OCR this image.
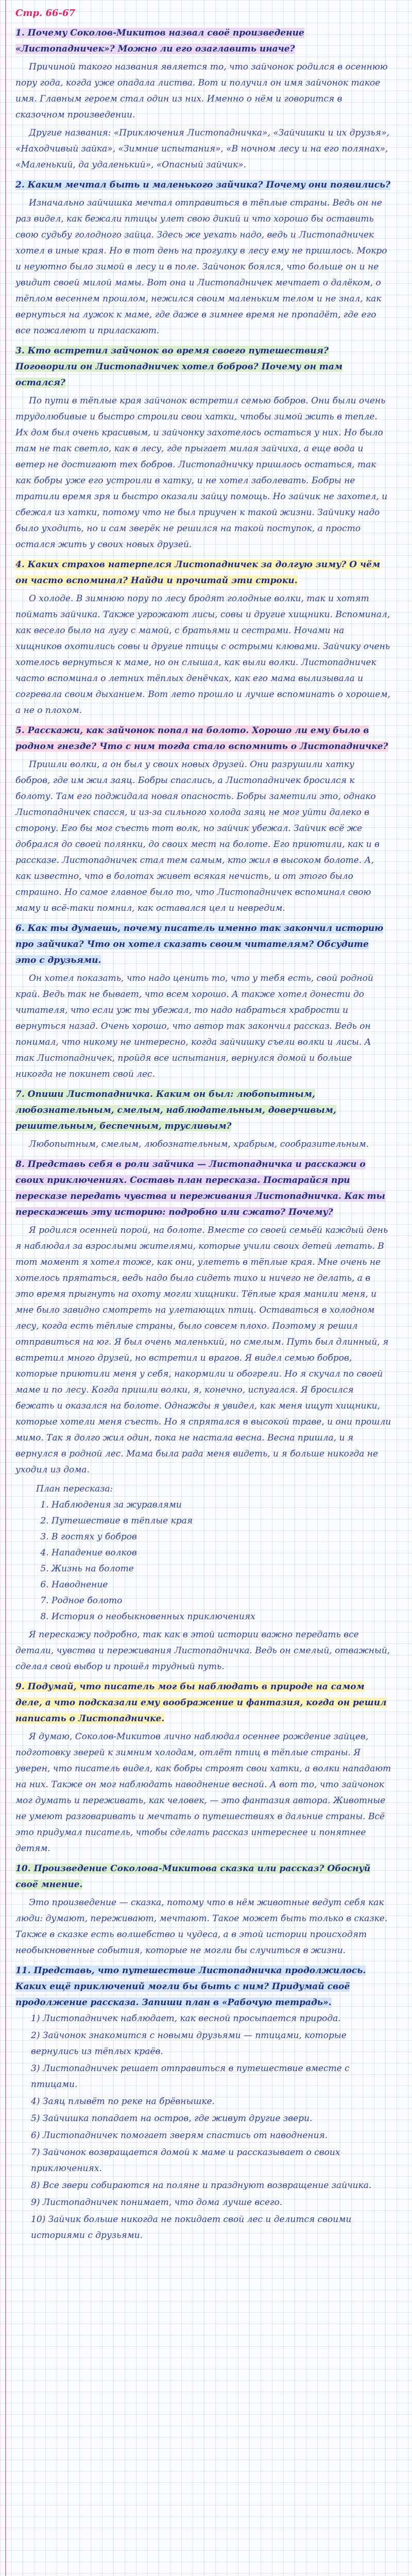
Стр. 66-67
1. Почему Соколов-Микитов назвал своё произведение «Листопадничек»? Можно ли его озаглавить иначе?

Причиной такого названия является то, что зайчонок родился в осеннюю пору года, когда уже опадала листва. Вот и получил он имя зайчонок такое имя. Главным героем стал один из них. Именно о нём и говорится в сказочном произведении.

Другие названия: «Приключения Листопадничка», «Зайчишки и их друзья», «Находчивый зайка», «Зимние испытания», «В ночном лесу и на его полянах», «Маленький, да удаленький», «Опасный зайчик».

2. Каким мечтал быть и маленького зайчика? Почему они появились?

Изначально зайчишка мечтал отправиться в тёплые страны. Ведь он не раз видел, как бежали птицы улет свою дикий и что хорошо бы оставить свою судьбу голодного зайца. Здесь же уехать надо, ведь и Листопадничек хотел в иные края. Но в тот день на прогулку в лесу ему не пришлось. Мокро и неуютно было зимой в лесу и в поле. Зайчонок боялся, что больше он и не увидит своей милой мамы. Вот она и Листопадничек мечтает о далёком, о тёплом весеннем прошлом, нежился своим маленьким телом и не знал, как вернуться на лужок к маме, где даже в зимнее время не пропадёт, где его все пожалеют и приласкают.

3. Кто встретил зайчонок во время своего путешествия? Поговорили он Листопадничек хотел бобров? Почему он там остался?

По пути в тёплые края зайчонок встретил семью бобров. Они были очень трудолюбивые и быстро строили свои хатки, чтобы зимой жить в тепле. Их дом был очень красивым, и зайчонку захотелось остаться у них. Но было там не так светло, как в лесу, где прыгает милая зайчиха, а еще вода и ветер не достигают тех бобров. Листопадничку пришлось остаться, так как бобры уже его устроили в хатку, и не хотел заболевать. Бобры не тратили время зря и быстро оказали зайцу помощь. Но зайчик не захотел, и сбежал из хатки, потому что не был приучен к такой жизни. Зайчику надо было уходить, но и сам зверёк не решился на такой поступок, а просто остался жить у своих новых друзей.

4. Каких страхов натерпелся Листопадничек за долгую зиму? О чём он часто вспоминал? Найди и прочитай эти строки.

О холоде. В зимнюю пору по лесу бродят голодные волки, так и хотят поймать зайчика. Также угрожают лисы, совы и другие хищники. Вспоминал, как весело было на лугу с мамой, с братьями и сестрами. Ночами на хищников охотились совы и другие птицы с острыми клювами. Зайчику очень хотелось вернуться к маме, но он слышал, как выли волки. Листопадничек часто вспоминал о летних тёплых денёчках, как его мама вылизывала и согревала своим дыханием. Вот лето прошло и лучше вспоминать о хорошем, а не о плохом.

5. Расскажи, как зайчонок попал на болото. Хорошо ли ему было в родном гнезде? Что с ним тогда стало вспомнить о Листопадничке?

Пришли волки, а он был у своих новых друзей. Они разрушили хатку бобров, где им жил заяц. Бобры спаслись, а Листопадничек бросился к болоту. Там его поджидала новая опасность. Бобры заметили это, однако Листопадничек спасся, и из-за сильного холода заяц не мог уйти далеко в сторону. Его бы мог съесть тот волк, но зайчик убежал. Зайчик всё же добрался до своей полянки, до своих мест на болоте. Его приютили, как и в рассказе. Листопадничек стал тем самым, кто жил в высоком болоте. А, как известно, что в болотах живет всякая нечисть, и от этого было страшно. Но самое главное было то, что Листопадничек вспоминал свою маму и всё-таки помнил, как оставался цел и невредим.

6. Как ты думаешь, почему писатель именно так закончил историю про зайчика? Что он хотел сказать своим читателям? Обсудите это с друзьями.

Он хотел показать, что надо ценить то, что у тебя есть, свой родной край. Ведь так не бывает, что всем хорошо. А также хотел донести до читателя, что если уж ты убежал, то надо набраться храбрости и вернуться назад. Очень хорошо, что автор так закончил рассказ. Ведь он понимал, что никому не интересно, когда зайчишку съели волки и лисы. А так Листопадничек, пройдя все испытания, вернулся домой и больше никогда не покинет свой лес.

7. Опиши Листопадничка. Каким он был: любопытным, любознательным, смелым, наблюдательным, доверчивым, решительным, беспечным, трусливым?

Любопытным, смелым, любознательным, храбрым, сообразительным.

8. Представь себя в роли зайчика — Листопадничка и расскажи о своих приключениях. Составь план пересказа. Постарайся при пересказе передать чувства и переживания Листопадничка. Как ты перескажешь эту историю: подробно или сжато? Почему?

Я родился осенней порой, на болоте. Вместе со своей семьёй каждый день я наблюдал за взрослыми жителями, которые учили своих детей летать. В тот момент я хотел тоже, как они, улететь в тёплые края. Мне очень не хотелось прятаться, ведь надо было сидеть тихо и ничего не делать, а в это время прыгнуть на охоту могли хищники. Тёплые края манили меня, и мне было завидно смотреть на улетающих птиц. Оставаться в холодном лесу, когда есть тёплые страны, было совсем плохо. Поэтому я решил отправиться на юг. Я был очень маленький, но смелым. Путь был длинный, я встретил много друзей, но встретил и врагов. Я видел семью бобров, которые приютили меня у себя, накормили и обогрели. Но я скучал по своей маме и по лесу. Когда пришли волки, я, конечно, испугался. Я бросился бежать и оказался на болоте. Однажды я увидел, как меня ищут хищники, которые хотели меня съесть. Но я спрятался в высокой траве, и они прошли мимо. Так я долго жил один, пока не настала весна. Весна пришла, и я вернулся в родной лес. Мама была рада меня видеть, и я больше никогда не уходил из дома.

План пересказа:
1. Наблюдения за журавлями
2. Путешествие в тёплые края
3. В гостях у бобров
4. Нападение волков
5. Жизнь на болоте
6. Наводнение
7. Родное болото
8. История о необыкновенных приключениях

Я перескажу подробно, так как в этой истории важно передать все детали, чувства и переживания Листопадничка. Ведь он смелый, отважный, сделал свой выбор и прошёл трудный путь.

9. Подумай, что писатель мог бы наблюдать в природе на самом деле, а что подсказали ему воображение и фантазия, когда он решил написать о Листопадничке.

Я думаю, Соколов-Микитов лично наблюдал осеннее рождение зайцев, подготовку зверей к зимним холодам, отлёт птиц в тёплые страны. Я уверен, что писатель видел, как бобры строят свои хатки, а волки нападают на них. Также он мог наблюдать наводнение весной. А вот то, что зайчонок мог думать и переживать, как человек, — это фантазия автора. Животные не умеют разговаривать и мечтать о путешествиях в дальние страны. Всё это придумал писатель, чтобы сделать рассказ интереснее и понятнее детям.

10. Произведение Соколова-Микитова сказка или рассказ? Обоснуй своё мнение.

Это произведение — сказка, потому что в нём животные ведут себя как люди: думают, переживают, мечтают. Такое может быть только в сказке. Также в сказке есть волшебство и чудеса, а в этой истории происходят необыкновенные события, которые не могли бы случиться в жизни.

11. Представь, что путешествие Листопадничка продолжилось. Каких ещё приключений могли бы быть с ним? Придумай своё продолжение рассказа. Запиши план в «Рабочую тетрадь».
1) Листопадничек наблюдает, как весной просыпается природа.
2) Зайчонок знакомится с новыми друзьями — птицами, которые вернулись из тёплых краёв.
3) Листопадничек решает отправиться в путешествие вместе с птицами.
4) Заяц плывёт по реке на брёвнышке.
5) Зайчишка попадает на остров, где живут другие звери.
6) Листопадничек помогает зверям спастись от наводнения.
7) Зайчонок возвращается домой к маме и рассказывает о своих приключениях.
8) Все звери собираются на поляне и празднуют возвращение зайчика.
9) Листопадничек понимает, что дома лучше всего.
10) Зайчик больше никогда не покидает свой лес и делится своими историями с друзьями.
